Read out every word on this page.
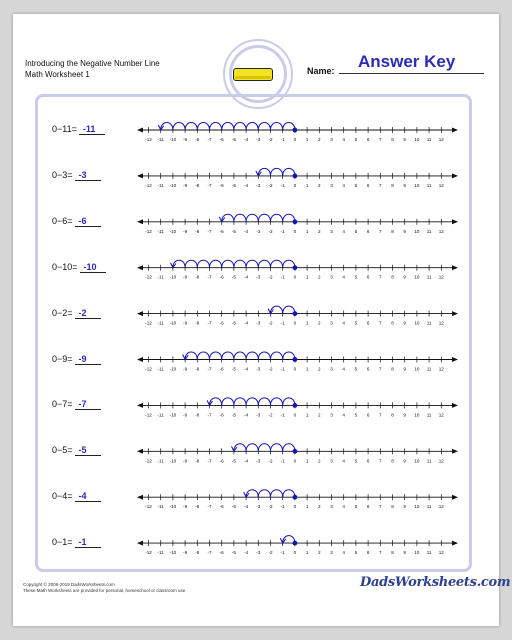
Introducing the Negative Number Line
Math Worksheet 1	Name: Answer Key
0−11= -11
0−3= -3
0−6= -6
0−10= -10
0−2= -2
0−9= -9
0−7= -7
0−5= -5
0−4= -4
0−1= -1
-12 -11 -10 -9 -8 -7 -6 -5 -4 -3 -2 -1 0 1 2 3 4 5 6 7 8 9 10 11 12
-12 -11 -10 -9 -8 -7 -6 -5 -4 -3 -2 -1 0 1 2 3 4 5 6 7 8 9 10 11 12
-12 -11 -10 -9 -8 -7 -6 -5 -4 -3 -2 -1 0 1 2 3 4 5 6 7 8 9 10 11 12
-12 -11 -10 -9 -8 -7 -6 -5 -4 -3 -2 -1 0 1 2 3 4 5 6 7 8 9 10 11 12
-12 -11 -10 -9 -8 -7 -6 -5 -4 -3 -2 -1 0 1 2 3 4 5 6 7 8 9 10 11 12
-12 -11 -10 -9 -8 -7 -6 -5 -4 -3 -2 -1 0 1 2 3 4 5 6 7 8 9 10 11 12
-12 -11 -10 -9 -8 -7 -6 -5 -4 -3 -2 -1 0 1 2 3 4 5 6 7 8 9 10 11 12
-12 -11 -10 -9 -8 -7 -6 -5 -4 -3 -2 -1 0 1 2 3 4 5 6 7 8 9 10 11 12
-12 -11 -10 -9 -8 -7 -6 -5 -4 -3 -2 -1 0 1 2 3 4 5 6 7 8 9 10 11 12
-12 -11 -10 -9 -8 -7 -6 -5 -4 -3 -2 -1 0 1 2 3 4 5 6 7 8 9 10 11 12
Copyright © 2008-2019 DadsWorksheets.com
These Math Worksheets are provided for personal, homeschool or classroom use.
DadsWorksheets.com
